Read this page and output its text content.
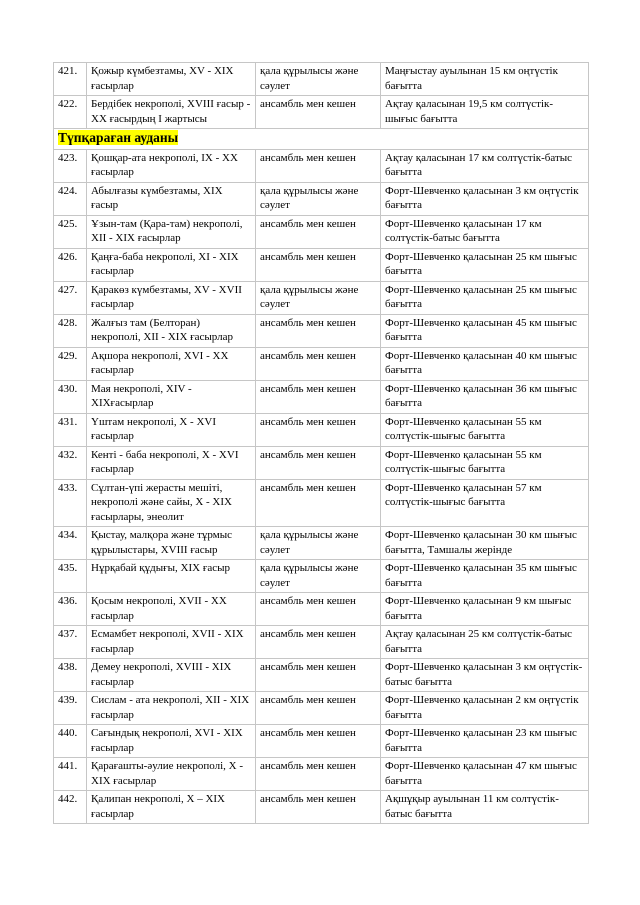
421.	Қожыр күмбезтамы, XV - XIX ғасырлар	қала құрылысы және сәулет	Маңғыстау ауылынан 15 км оңтүстік бағытта
422.	Бердібек некрополі, XVIII ғасыр - XX ғасырдың I жартысы	ансамбль мен кешен	Ақтау қаласынан 19,5 км солтүстік-шығыс бағытта
Түпқараған ауданы			
423.	Қошқар-ата некрополі, IX - XX ғасырлар	ансамбль мен кешен	Ақтау қаласынан 17 км солтүстік-батыс бағытта
424.	Абылғазы күмбезтамы, XIX ғасыр	қала құрылысы және сәулет	Форт-Шевченко қаласынан 3 км оңтүстік бағытта
425.	Ұзын-там (Қара-там) некрополі, XII - XIX ғасырлар	ансамбль мен кешен	Форт-Шевченко қаласынан 17 км солтүстік-батыс бағытта
426.	Қаңға-баба некрополі, XI - XIX ғасырлар	ансамбль мен кешен	Форт-Шевченко қаласынан 25 км шығыс бағытта
427.	Қаракөз күмбезтамы, XV - XVII ғасырлар	қала құрылысы және сәулет	Форт-Шевченко қаласынан 25 км шығыс бағытта
428.	Жалғыз там (Белторан) некрополі, XII - XIX ғасырлар	ансамбль мен кешен	Форт-Шевченко қаласынан 45 км шығыс бағытта
429.	Ақшора некрополі, XVI - XX ғасырлар	ансамбль мен кешен	Форт-Шевченко қаласынан 40 км шығыс бағытта
430.	Мая некрополі, XIV - XIXғасырлар	ансамбль мен кешен	Форт-Шевченко қаласынан 36 км шығыс бағытта
431.	Үштам некрополі, X - XVI ғасырлар	ансамбль мен кешен	Форт-Шевченко қаласынан 55 км солтүстік-шығыс бағытта
432.	Кенті - баба некрополі, X - XVI ғасырлар	ансамбль мен кешен	Форт-Шевченко қаласынан 55 км солтүстік-шығыс бағытта
433.	Сұлтан-үпі жерасты мешіті, некрополі және сайы, X - XIX ғасырлары, энеолит	ансамбль мен кешен	Форт-Шевченко қаласынан 57 км солтүстік-шығыс бағытта
434.	Қыстау, малқора және тұрмыс құрылыстары, XVIII ғасыр	қала құрылысы және сәулет	Форт-Шевченко қаласынан 30 км шығыс бағытта, Тамшалы жерінде
435.	Нұрқабай құдығы, XIX ғасыр	қала құрылысы және сәулет	Форт-Шевченко қаласынан 35 км шығыс бағытта
436.	Қосым некрополі, XVII - XX ғасырлар	ансамбль мен кешен	Форт-Шевченко қаласынан 9 км шығыс бағытта
437.	Есмамбет некрополі, XVII - XIX ғасырлар	ансамбль мен кешен	Ақтау қаласынан 25 км солтүстік-батыс бағытта
438.	Демеу некрополі, XVIII - XIX ғасырлар	ансамбль мен кешен	Форт-Шевченко қаласынан 3 км оңтүстік-батыс бағытта
439.	Сислам - ата некрополі, XII - XIX ғасырлар	ансамбль мен кешен	Форт-Шевченко қаласынан 2 км оңтүстік бағытта
440.	Сағындық некрополі, XVI - XIX ғасырлар	ансамбль мен кешен	Форт-Шевченко қаласынан 23 км шығыс бағытта
441.	Қарағашты-әулие некрополі, X - XIX ғасырлар	ансамбль мен кешен	Форт-Шевченко қаласынан 47 км шығыс бағытта
442.	Қалипан некрополі, X – XIX ғасырлар	ансамбль мен кешен	Ақшұқыр ауылынан 11 км солтүстік-батыс бағытта
